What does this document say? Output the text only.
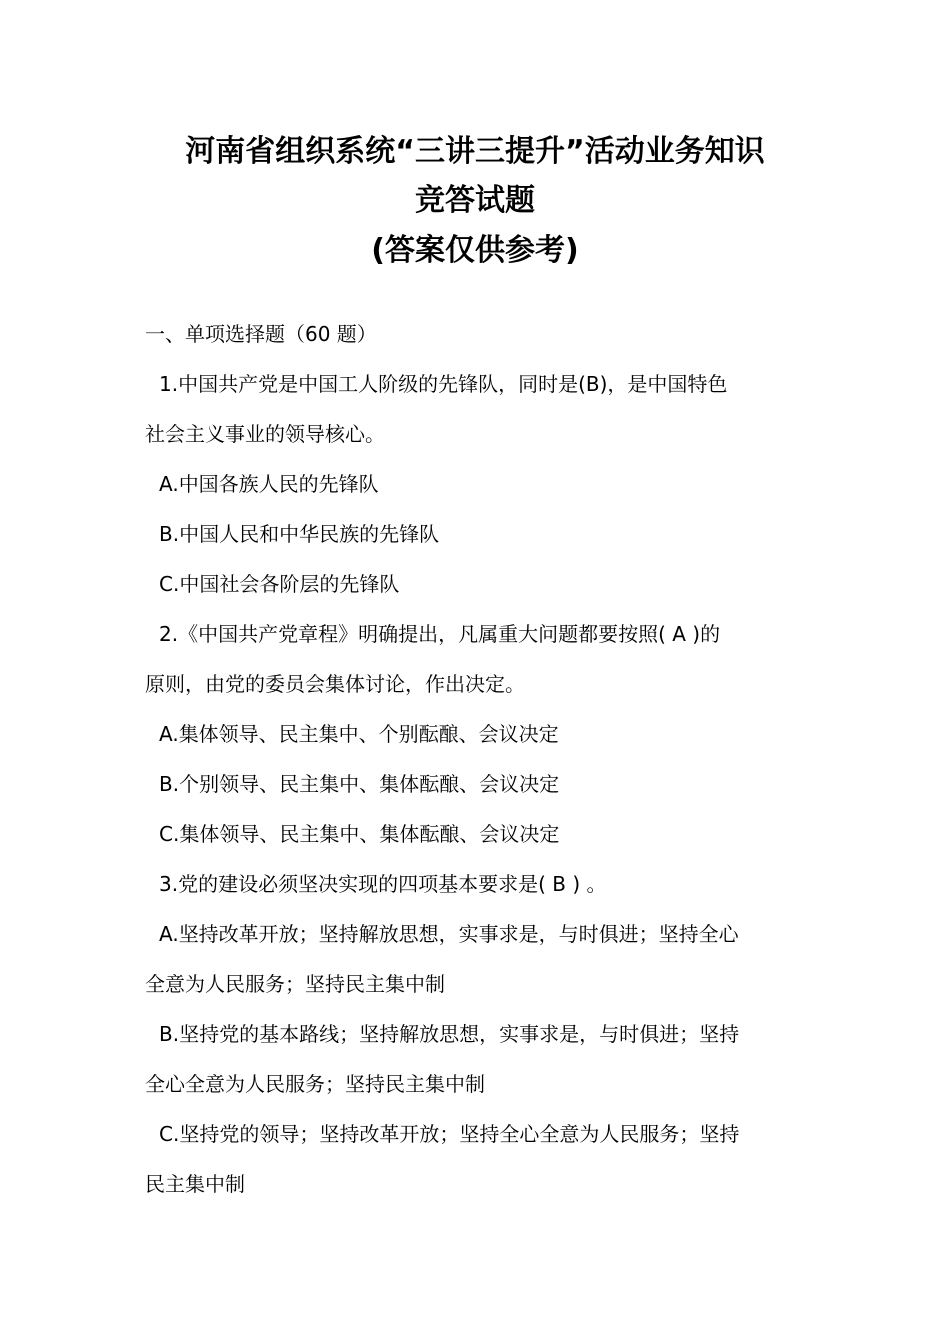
河南省组织系统“三讲三提升”活动业务知识
竞答试题
(答案仅供参考)

一、单项选择题（60 题）

1.中国共产党是中国工人阶级的先锋队，同时是(B)，是中国特色

社会主义事业的领导核心。

A.中国各族人民的先锋队

B.中国人民和中华民族的先锋队

C.中国社会各阶层的先锋队

2.《中国共产党章程》明确提出，凡属重大问题都要按照( A )的

原则，由党的委员会集体讨论，作出决定。

A.集体领导、民主集中、个别酝酿、会议决定

B.个别领导、民主集中、集体酝酿、会议决定

C.集体领导、民主集中、集体酝酿、会议决定

3.党的建设必须坚决实现的四项基本要求是( B ) 。

A.坚持改革开放；坚持解放思想，实事求是，与时俱进；坚持全心

全意为人民服务；坚持民主集中制

B.坚持党的基本路线；坚持解放思想，实事求是，与时俱进；坚持

全心全意为人民服务；坚持民主集中制

C.坚持党的领导；坚持改革开放；坚持全心全意为人民服务；坚持

民主集中制
